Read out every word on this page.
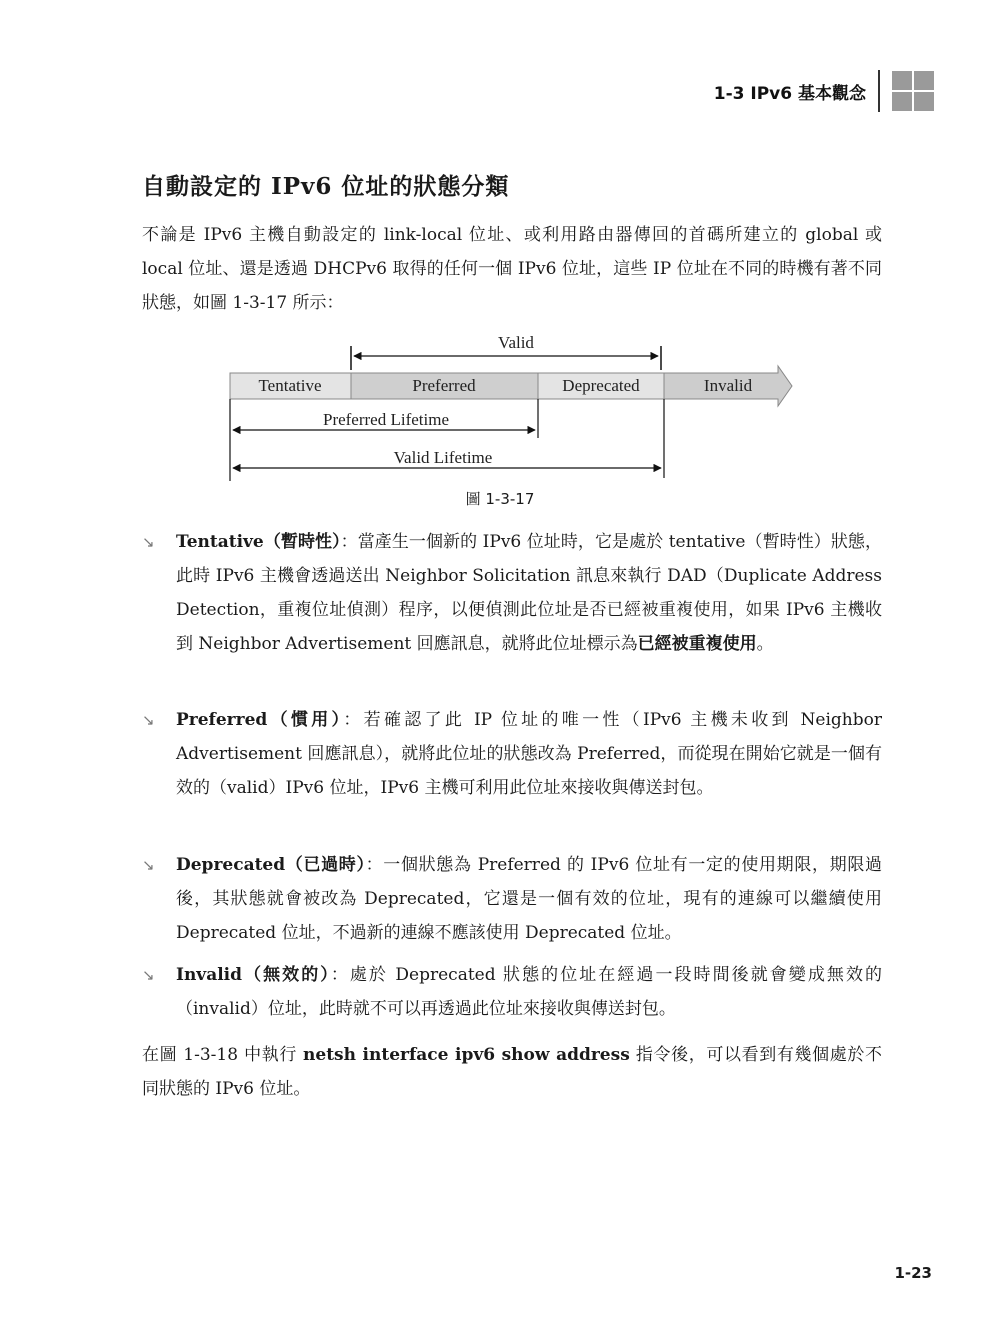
1-3 IPv6 基本觀念
自動設定的 IPv6 位址的狀態分類

不論是 IPv6 主機自動設定的 link-local 位址、或利用路由器傳回的首碼所建立的 global 或 local 位址、還是透過 DHCPv6 取得的任何一個 IPv6 位址，這些 IP 位址在不同的時機有著不同狀態，如圖 1-3-17 所示：

Valid
Tentative	Preferred	Deprecated	Invalid
Preferred Lifetime
Valid Lifetime
圖 1-3-17
↘ Tentative（暫時性）：當產生一個新的 IPv6 位址時，它是處於 tentative（暫時性）狀態，此時 IPv6 主機會透過送出 Neighbor Solicitation 訊息來執行 DAD（Duplicate Address Detection，重複位址偵測）程序，以便偵測此位址是否已經被重複使用，如果 IPv6 主機收到 Neighbor Advertisement 回應訊息，就將此位址標示為已經被重複使用。
↘ Preferred（慣用）：若確認了此 IP 位址的唯一性（IPv6 主機未收到 Neighbor Advertisement 回應訊息），就將此位址的狀態改為 Preferred，而從現在開始它就是一個有效的（valid）IPv6 位址，IPv6 主機可利用此位址來接收與傳送封包。
↘ Deprecated（已過時）：一個狀態為 Preferred 的 IPv6 位址有一定的使用期限，期限過後，其狀態就會被改為 Deprecated，它還是一個有效的位址，現有的連線可以繼續使用 Deprecated 位址，不過新的連線不應該使用 Deprecated 位址。
↘ Invalid（無效的）：處於 Deprecated 狀態的位址在經過一段時間後就會變成無效的（invalid）位址，此時就不可以再透過此位址來接收與傳送封包。

在圖 1-3-18 中執行 netsh interface ipv6 show address 指令後，可以看到有幾個處於不同狀態的 IPv6 位址。

1-23
